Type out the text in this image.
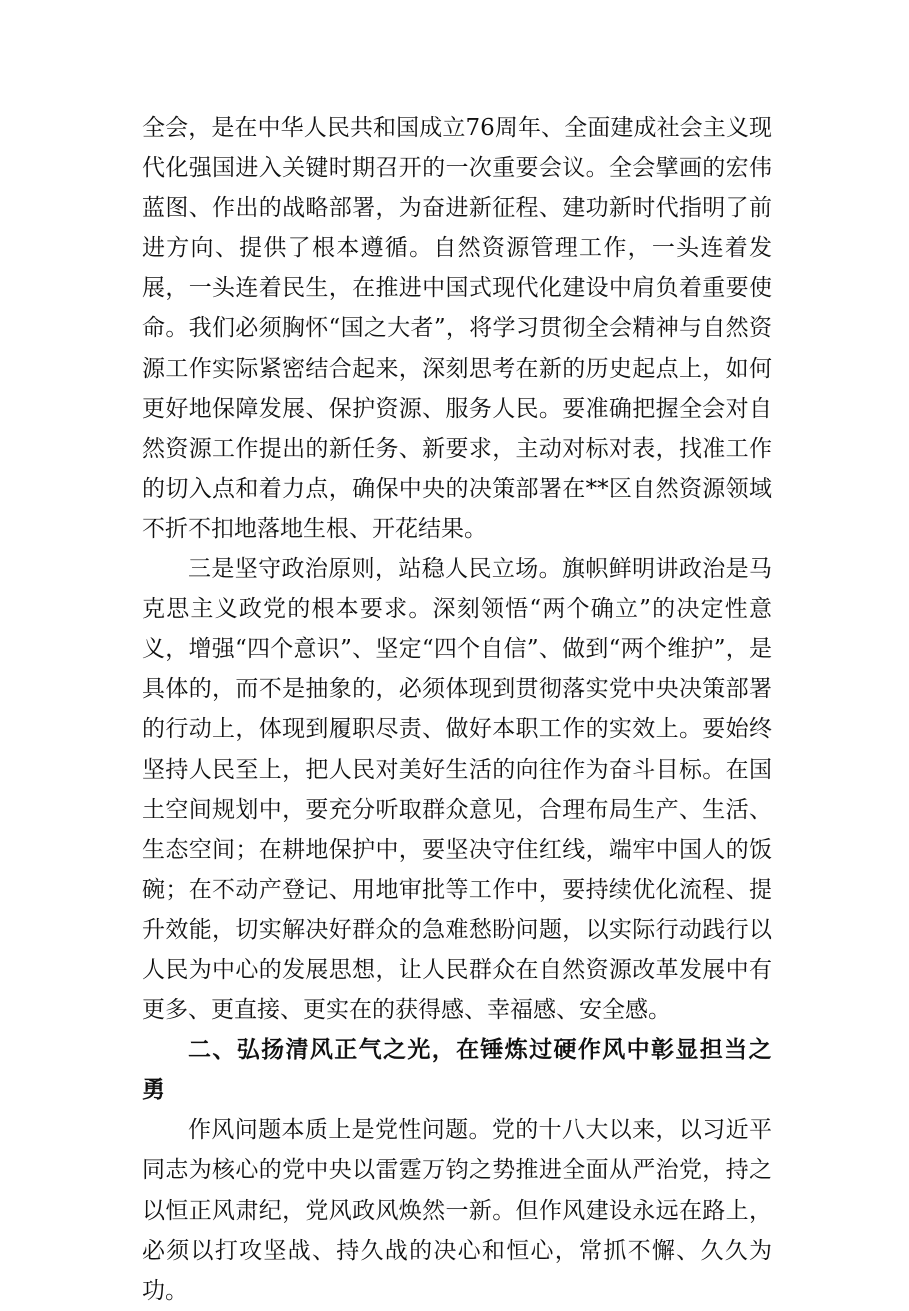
全会，是在中华人民共和国成立76周年、全面建成社会主义现代化强国进入关键时期召开的一次重要会议。全会擘画的宏伟蓝图、作出的战略部署，为奋进新征程、建功新时代指明了前进方向、提供了根本遵循。自然资源管理工作，一头连着发展，一头连着民生，在推进中国式现代化建设中肩负着重要使命。我们必须胸怀“国之大者”，将学习贯彻全会精神与自然资源工作实际紧密结合起来，深刻思考在新的历史起点上，如何更好地保障发展、保护资源、服务人民。要准确把握全会对自然资源工作提出的新任务、新要求，主动对标对表，找准工作的切入点和着力点，确保中央的决策部署在**区自然资源领域不折不扣地落地生根、开花结果。

三是坚守政治原则，站稳人民立场。旗帜鲜明讲政治是马克思主义政党的根本要求。深刻领悟“两个确立”的决定性意义，增强“四个意识”、坚定“四个自信”、做到“两个维护”，是具体的，而不是抽象的，必须体现到贯彻落实党中央决策部署的行动上，体现到履职尽责、做好本职工作的实效上。要始终坚持人民至上，把人民对美好生活的向往作为奋斗目标。在国土空间规划中，要充分听取群众意见，合理布局生产、生活、生态空间；在耕地保护中，要坚决守住红线，端牢中国人的饭碗；在不动产登记、用地审批等工作中，要持续优化流程、提升效能，切实解决好群众的急难愁盼问题，以实际行动践行以人民为中心的发展思想，让人民群众在自然资源改革发展中有更多、更直接、更实在的获得感、幸福感、安全感。

二、弘扬清风正气之光，在锤炼过硬作风中彰显担当之勇

作风问题本质上是党性问题。党的十八大以来，以习近平同志为核心的党中央以雷霆万钧之势推进全面从严治党，持之以恒正风肃纪，党风政风焕然一新。但作风建设永远在路上，必须以打攻坚战、持久战的决心和恒心，常抓不懈、久久为功。
